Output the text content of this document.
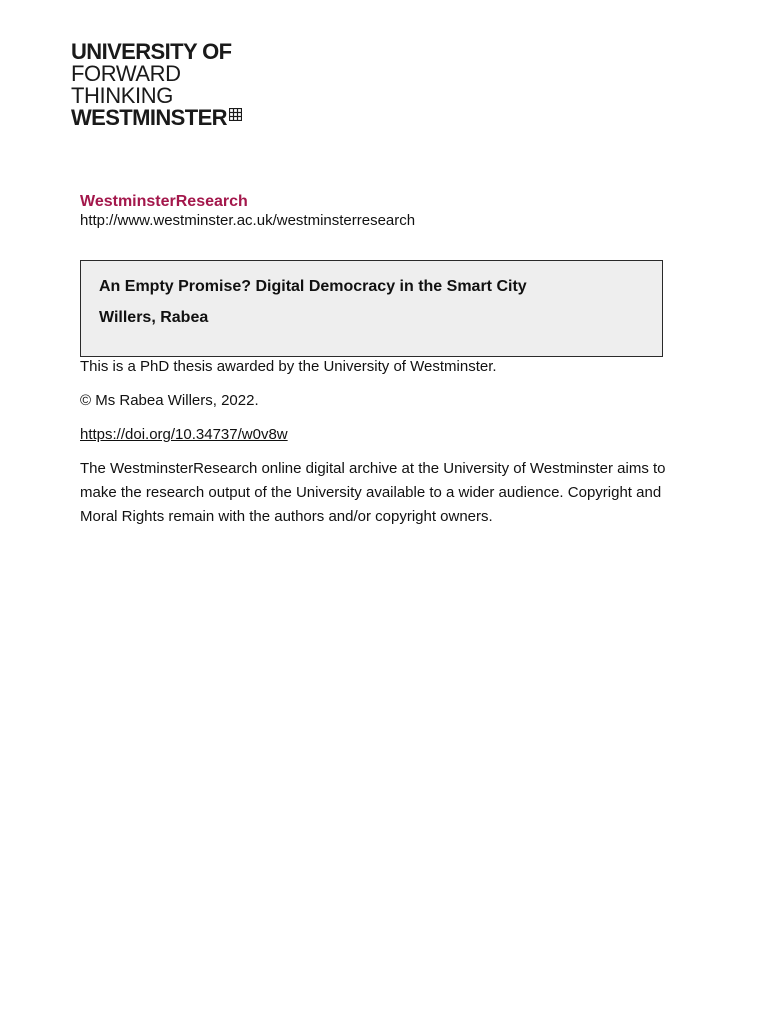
UNIVERSITY OF
FORWARD
THINKING
WESTMINSTER
WestminsterResearch
http://www.westminster.ac.uk/westminsterresearch
An Empty Promise? Digital Democracy in the Smart City
Willers, Rabea
This is a PhD thesis awarded by the University of Westminster.
© Ms Rabea Willers, 2022.
https://doi.org/10.34737/w0v8w
The WestminsterResearch online digital archive at the University of Westminster aims to make the research output of the University available to a wider audience. Copyright and Moral Rights remain with the authors and/or copyright owners.
